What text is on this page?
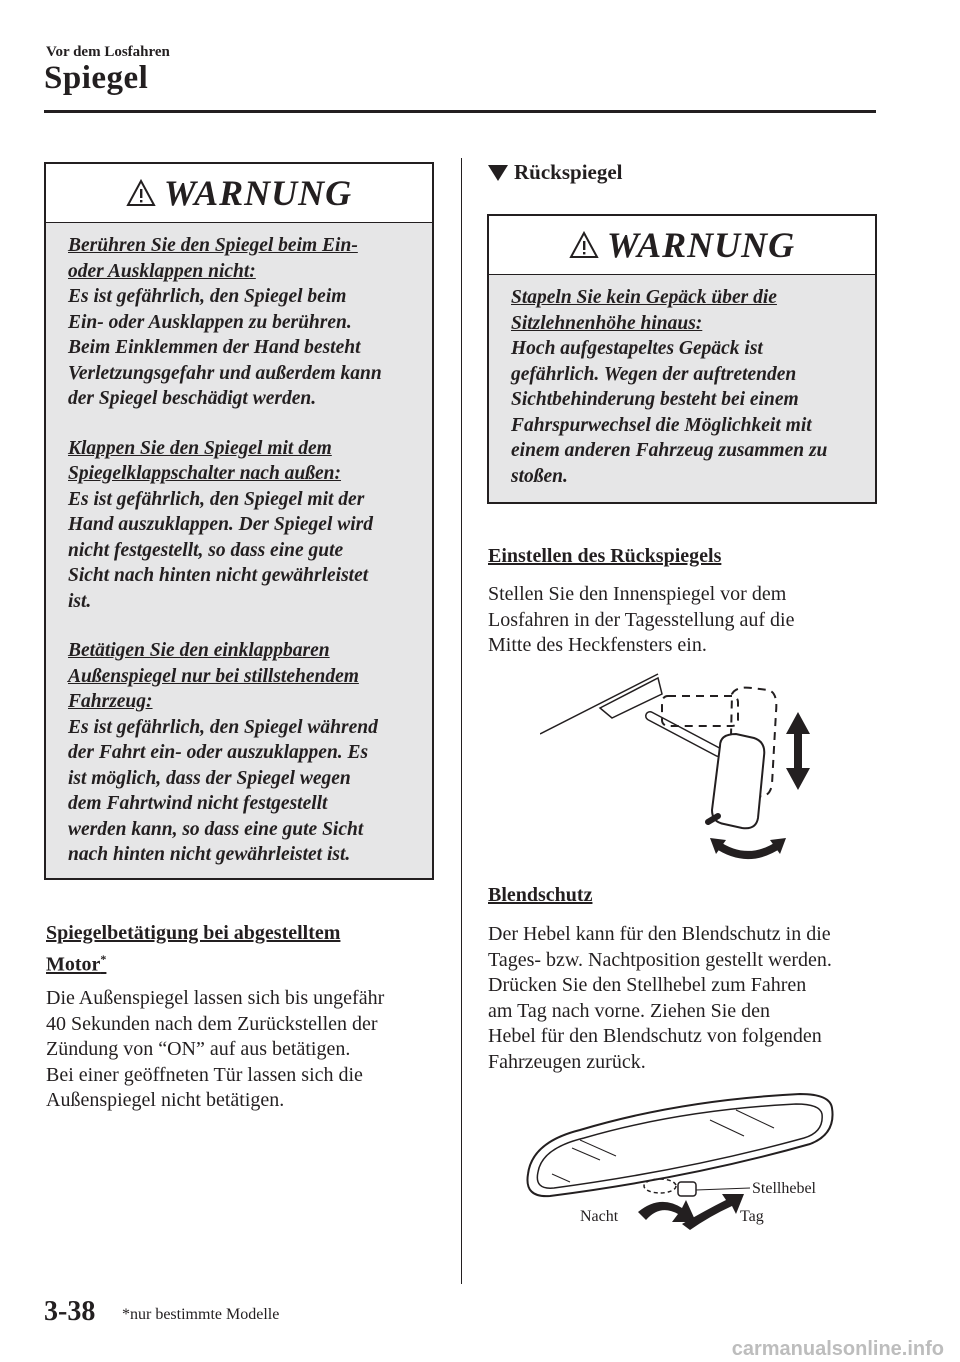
Vor dem Losfahren
Spiegel
WARNUNG
Berühren Sie den Spiegel beim Ein-
oder Ausklappen nicht:
Es ist gefährlich, den Spiegel beim
Ein- oder Ausklappen zu berühren.
Beim Einklemmen der Hand besteht
Verletzungsgefahr und außerdem kann
der Spiegel beschädigt werden.
Klappen Sie den Spiegel mit dem
Spiegelklappschalter nach außen:
Es ist gefährlich, den Spiegel mit der
Hand auszuklappen. Der Spiegel wird
nicht festgestellt, so dass eine gute
Sicht nach hinten nicht gewährleistet
ist.
Betätigen Sie den einklappbaren
Außenspiegel nur bei stillstehendem
Fahrzeug:
Es ist gefährlich, den Spiegel während
der Fahrt ein- oder auszuklappen. Es
ist möglich, dass der Spiegel wegen
dem Fahrtwind nicht festgestellt
werden kann, so dass eine gute Sicht
nach hinten nicht gewährleistet ist.
Spiegelbetätigung bei abgestelltem
Motor*
Die Außenspiegel lassen sich bis ungefähr
40 Sekunden nach dem Zurückstellen der
Zündung von “ON” auf aus betätigen.
Bei einer geöffneten Tür lassen sich die
Außenspiegel nicht betätigen.
Rückspiegel
WARNUNG
Stapeln Sie kein Gepäck über die
Sitzlehnenhöhe hinaus:
Hoch aufgestapeltes Gepäck ist
gefährlich. Wegen der auftretenden
Sichtbehinderung besteht bei einem
Fahrspurwechsel die Möglichkeit mit
einem anderen Fahrzeug zusammen zu
stoßen.
Einstellen des Rückspiegels
Stellen Sie den Innenspiegel vor dem
Losfahren in der Tagesstellung auf die
Mitte des Heckfensters ein.
Blendschutz
Der Hebel kann für den Blendschutz in die
Tages- bzw. Nachtposition gestellt werden.
Drücken Sie den Stellhebel zum Fahren
am Tag nach vorne. Ziehen Sie den
Hebel für den Blendschutz von folgenden
Fahrzeugen zurück.
Stellhebel
Nacht	Tag
3-38 *nur bestimmte Modelle
carmanualsonline.info
